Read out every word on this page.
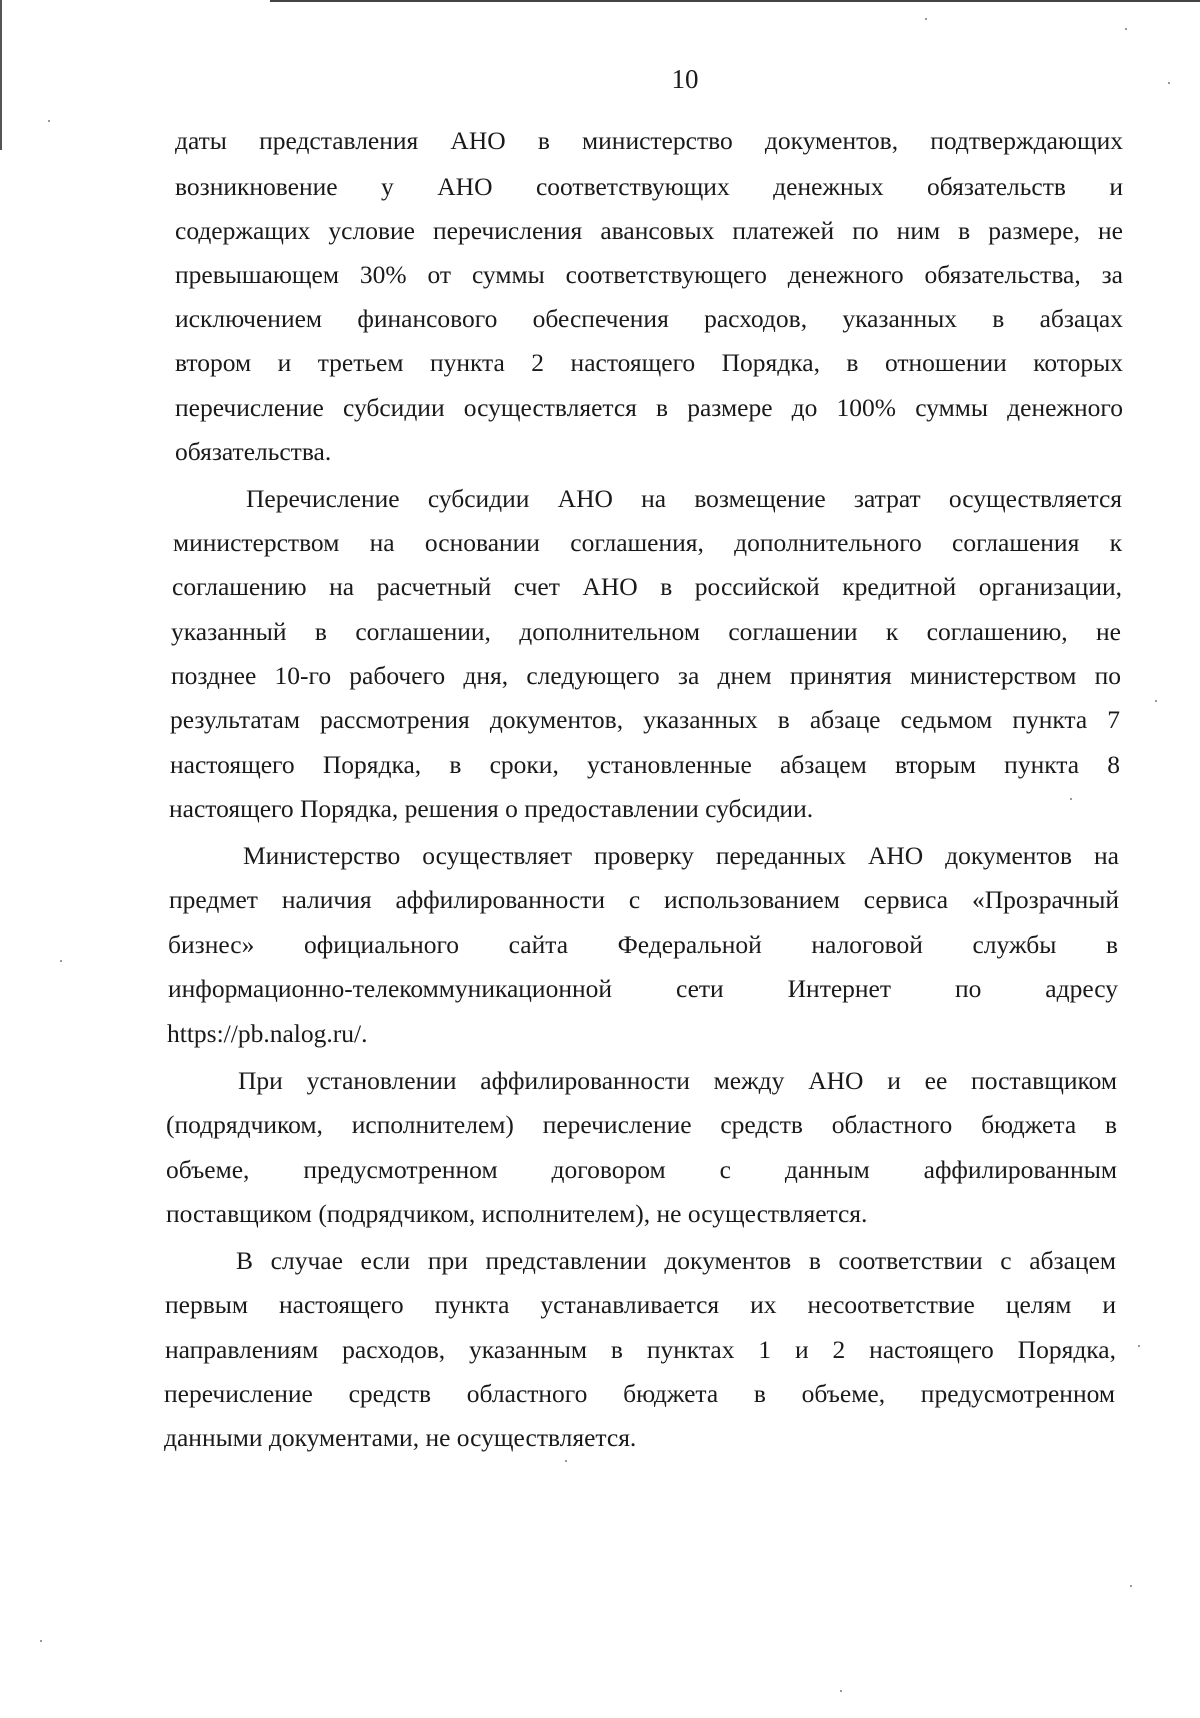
10
даты представления АНО в министерство документов, подтверждающих
возникновение у АНО соответствующих денежных обязательств и
содержащих условие перечисления авансовых платежей по ним в размере, не
превышающем 30% от суммы соответствующего денежного обязательства, за
исключением финансового обеспечения расходов, указанных в абзацах
втором и третьем пункта 2 настоящего Порядка, в отношении которых
перечисление субсидии осуществляется в размере до 100% суммы денежного
обязательства.
Перечисление субсидии АНО на возмещение затрат осуществляется
министерством на основании соглашения, дополнительного соглашения к
соглашению на расчетный счет АНО в российской кредитной организации,
указанный в соглашении, дополнительном соглашении к соглашению, не
позднее 10-го рабочего дня, следующего за днем принятия министерством по
результатам рассмотрения документов, указанных в абзаце седьмом пункта 7
настоящего Порядка, в сроки, установленные абзацем вторым пункта 8
настоящего Порядка, решения о предоставлении субсидии.
Министерство осуществляет проверку переданных АНО документов на
предмет наличия аффилированности с использованием сервиса «Прозрачный
бизнес» официального сайта Федеральной налоговой службы в
информационно-телекоммуникационной сети Интернет по адресу
https://pb.nalog.ru/.
При установлении аффилированности между АНО и ее поставщиком
(подрядчиком, исполнителем) перечисление средств областного бюджета в
объеме, предусмотренном договором с данным аффилированным
поставщиком (подрядчиком, исполнителем), не осуществляется.
В случае если при представлении документов в соответствии с абзацем
первым настоящего пункта устанавливается их несоответствие целям и
направлениям расходов, указанным в пунктах 1 и 2 настоящего Порядка,
перечисление средств областного бюджета в объеме, предусмотренном
данными документами, не осуществляется.
